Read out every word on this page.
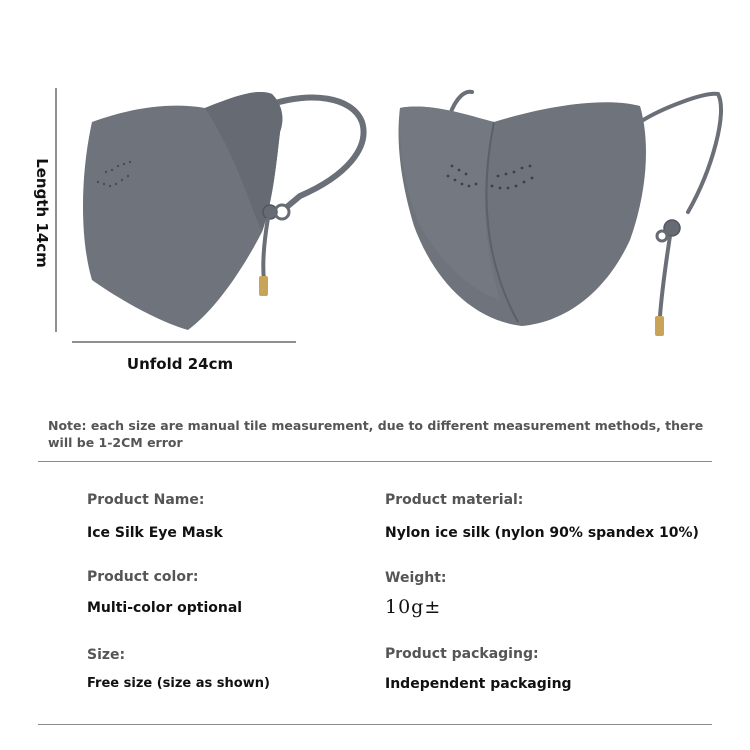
Length 14cm
Unfold 24cm
Note: each size are manual tile measurement, due to different measurement methods, there will be 1-2CM error
Product Name:
Ice Silk Eye Mask
Product material:
Nylon ice silk (nylon 90% spandex 10%)
Product color:
Multi-color optional
Weight:
10g±
Size:
Free size (size as shown)
Product packaging:
Independent packaging
